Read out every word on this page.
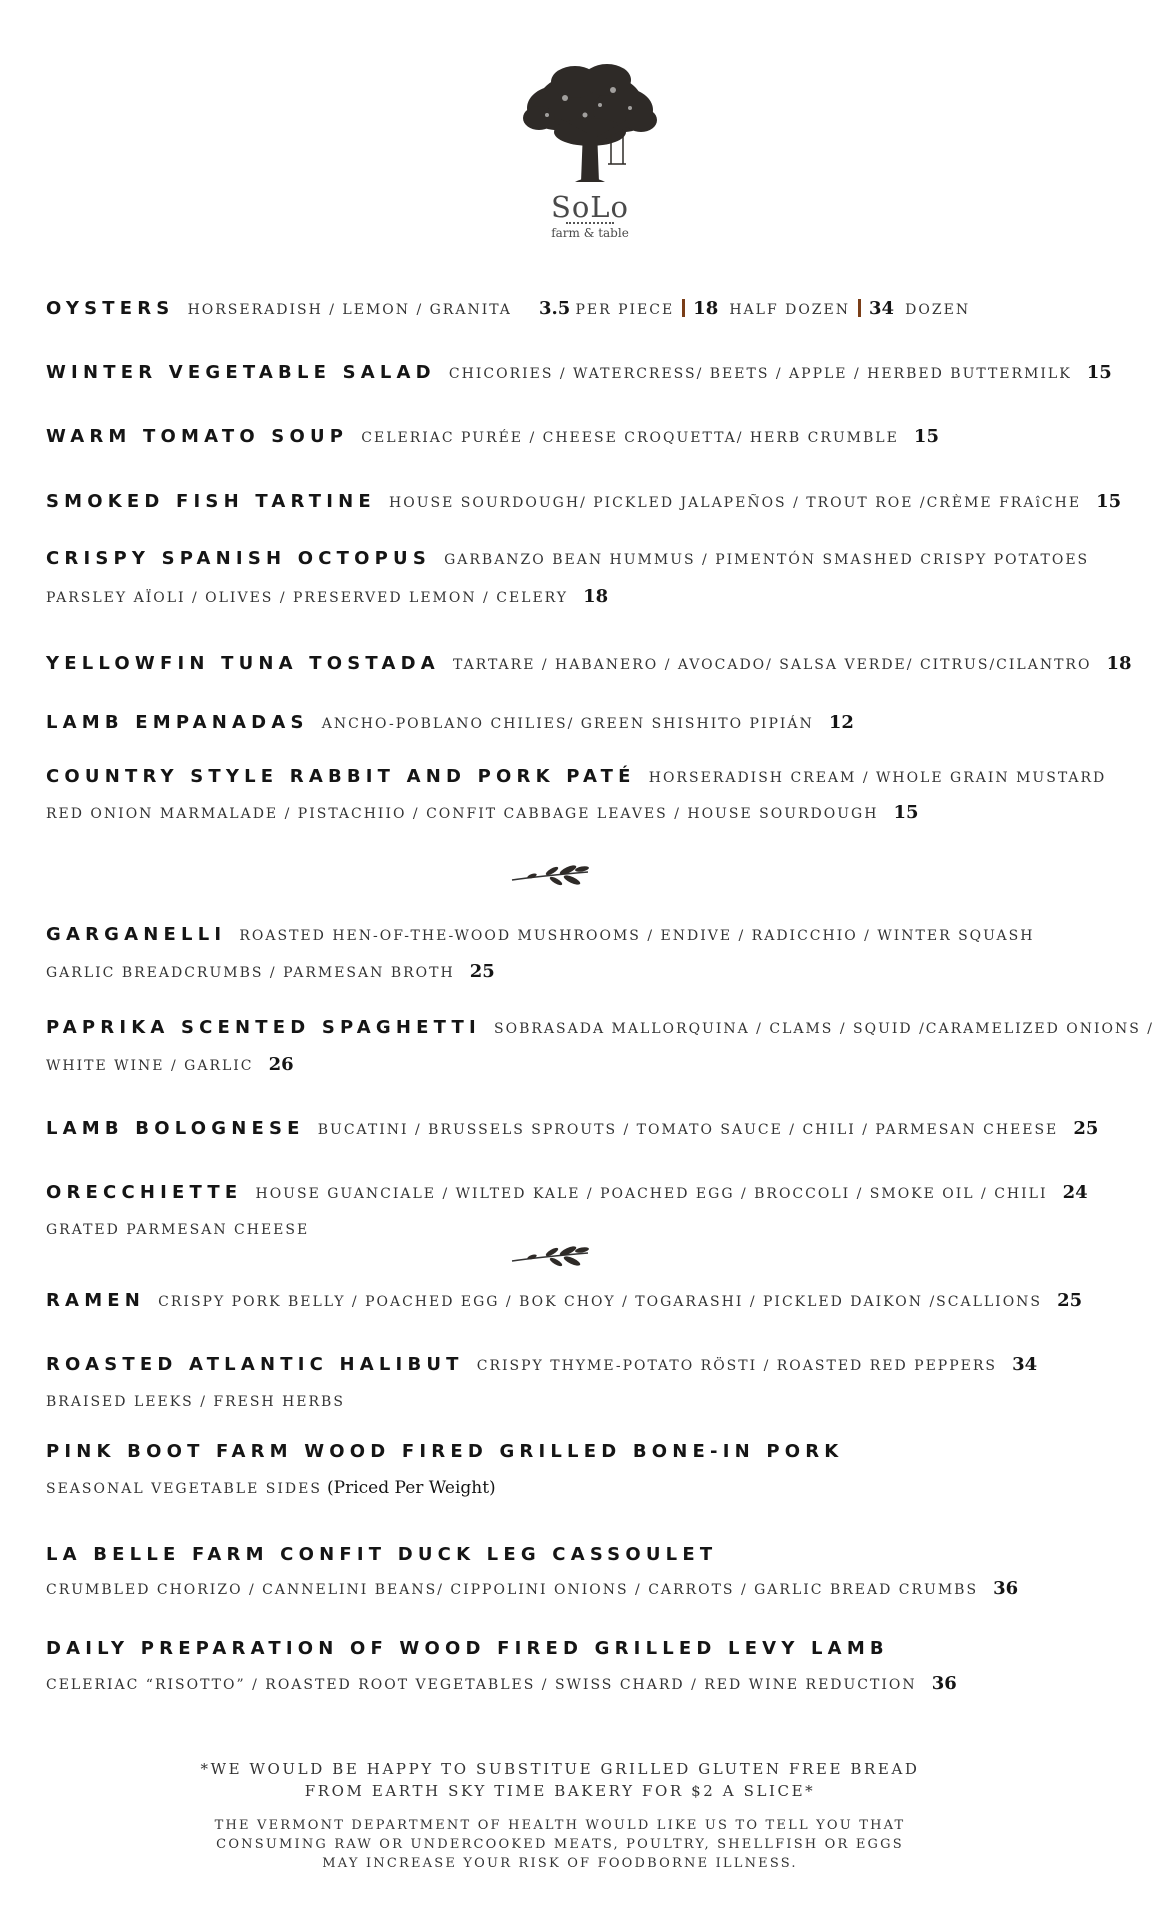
SoLo
farm & table
OYSTERS HORSERADISH / LEMON / GRANITA 3.5 PER PIECE 18 HALF DOZEN 34 DOZEN
WINTER VEGETABLE SALAD CHICORIES / WATERCRESS/ BEETS / APPLE / HERBED BUTTERMILK 15
WARM TOMATO SOUP CELERIAC PURÉE / CHEESE CROQUETTA/ HERB CRUMBLE 15
SMOKED FISH TARTINE HOUSE SOURDOUGH/ PICKLED JALAPEÑOS / TROUT ROE /CRÈME FRAîCHE 15
CRISPY SPANISH OCTOPUS GARBANZO BEAN HUMMUS / PIMENTÓN SMASHED CRISPY POTATOES
PARSLEY AÏOLI / OLIVES / PRESERVED LEMON / CELERY 18
YELLOWFIN TUNA TOSTADA TARTARE / HABANERO / AVOCADO/ SALSA VERDE/ CITRUS/CILANTRO 18
LAMB EMPANADAS ANCHO-POBLANO CHILIES/ GREEN SHISHITO PIPIÁN 12
COUNTRY STYLE RABBIT AND PORK PATÉ HORSERADISH CREAM / WHOLE GRAIN MUSTARD
RED ONION MARMALADE / PISTACHIIO / CONFIT CABBAGE LEAVES / HOUSE SOURDOUGH 15
GARGANELLI ROASTED HEN-OF-THE-WOOD MUSHROOMS / ENDIVE / RADICCHIO / WINTER SQUASH
GARLIC BREADCRUMBS / PARMESAN BROTH 25
PAPRIKA SCENTED SPAGHETTI SOBRASADA MALLORQUINA / CLAMS / SQUID /CARAMELIZED ONIONS /
WHITE WINE / GARLIC 26
LAMB BOLOGNESE BUCATINI / BRUSSELS SPROUTS / TOMATO SAUCE / CHILI / PARMESAN CHEESE 25
ORECCHIETTE HOUSE GUANCIALE / WILTED KALE / POACHED EGG / BROCCOLI / SMOKE OIL / CHILI 24
GRATED PARMESAN CHEESE
RAMEN CRISPY PORK BELLY / POACHED EGG / BOK CHOY / TOGARASHI / PICKLED DAIKON /SCALLIONS 25
ROASTED ATLANTIC HALIBUT CRISPY THYME-POTATO RÖSTI / ROASTED RED PEPPERS 34
BRAISED LEEKS / FRESH HERBS
PINK BOOT FARM WOOD FIRED GRILLED BONE-IN PORK
SEASONAL VEGETABLE SIDES (Priced Per Weight)
LA BELLE FARM CONFIT DUCK LEG CASSOULET
CRUMBLED CHORIZO / CANNELINI BEANS/ CIPPOLINI ONIONS / CARROTS / GARLIC BREAD CRUMBS 36
DAILY PREPARATION OF WOOD FIRED GRILLED LEVY LAMB
CELERIAC “RISOTTO” / ROASTED ROOT VEGETABLES / SWISS CHARD / RED WINE REDUCTION 36
*WE WOULD BE HAPPY TO SUBSTITUE GRILLED GLUTEN FREE BREAD
FROM EARTH SKY TIME BAKERY FOR $2 A SLICE*
THE VERMONT DEPARTMENT OF HEALTH WOULD LIKE US TO TELL YOU THAT
CONSUMING RAW OR UNDERCOOKED MEATS, POULTRY, SHELLFISH OR EGGS
MAY INCREASE YOUR RISK OF FOODBORNE ILLNESS.
